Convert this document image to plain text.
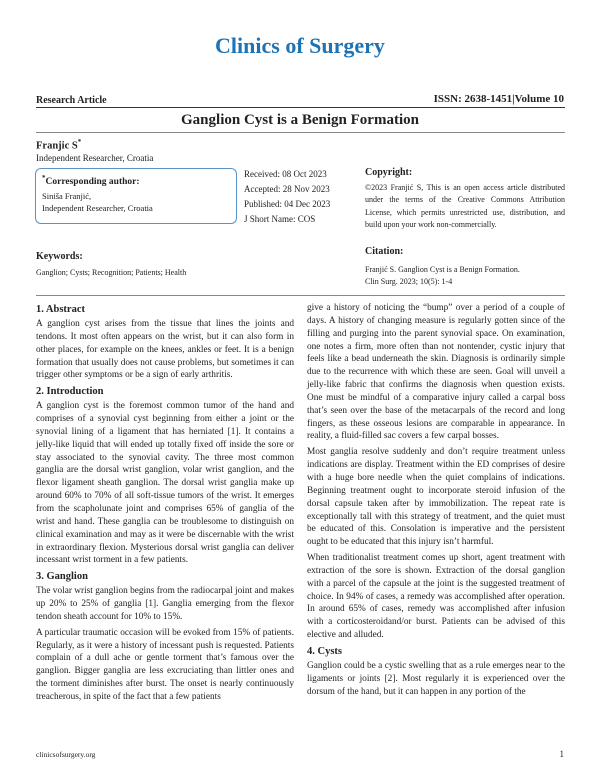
Clinics of Surgery
Research Article	ISSN: 2638-1451|Volume 10
Ganglion Cyst is a Benign Formation
Franjic S*
Independent Researcher, Croatia
*Corresponding author:
Siniša Franjić,
Independent Researcher, Croatia
Received: 08 Oct 2023
Accepted: 28 Nov 2023
Published: 04 Dec 2023
J Short Name: COS
Copyright:
©2023 Franjić S, This is an open access article distributed under the terms of the Creative Commons Attribution License, which permits unrestricted use, distribution, and build upon your work non-commercially.
Keywords:
Ganglion; Cysts; Recognition; Patients; Health
Citation:
Franjić S. Ganglion Cyst is a Benign Formation.
Clin Surg. 2023; 10(5): 1-4
1. Abstract

A ganglion cyst arises from the tissue that lines the joints and tendons. It most often appears on the wrist, but it can also form in other places, for example on the knees, ankles or feet. It is a benign formation that usually does not cause problems, but sometimes it can trigger other symptoms or be a sign of early arthritis.

2. Introduction

A ganglion cyst is the foremost common tumor of the hand and comprises of a synovial cyst beginning from either a joint or the synovial lining of a ligament that has herniated [1]. It contains a jelly-like liquid that will ended up totally fixed off inside the sore or stay associated to the synovial cavity. The three most common ganglia are the dorsal wrist ganglion, volar wrist ganglion, and the flexor ligament sheath ganglion. The dorsal wrist ganglia make up around 60% to 70% of all soft-tissue tumors of the wrist. It emerges from the scapholunate joint and comprises 65% of ganglia of the wrist and hand. These ganglia can be troublesome to distinguish on clinical examination and may as it were be discernable with the wrist in extraordinary flexion. Mysterious dorsal wrist ganglia can deliver incessant wrist torment in a few patients.

3. Ganglion

The volar wrist ganglion begins from the radiocarpal joint and makes up 20% to 25% of ganglia [1]. Ganglia emerging from the flexor tendon sheath account for 10% to 15%.

A particular traumatic occasion will be evoked from 15% of patients. Regularly, as it were a history of incessant push is requested. Patients complain of a dull ache or gentle torment that’s famous over the ganglion. Bigger ganglia are less excruciating than littler ones and the torment diminishes after burst. The onset is nearly continuously treacherous, in spite of the fact that a few patients

give a history of noticing the “bump” over a period of a couple of days. A history of changing measure is regularly gotten since of the filling and purging into the parent synovial space. On examination, one notes a firm, more often than not nontender, cystic injury that feels like a bead underneath the skin. Diagnosis is ordinarily simple due to the recurrence with which these are seen. Goal will unveil a jelly-like fabric that confirms the diagnosis when question exists. One must be mindful of a comparative injury called a carpal boss that’s seen over the base of the metacarpals of the record and long fingers, as these osseous lesions are comparable in appearance. In reality, a fluid-filled sac covers a few carpal bosses.

Most ganglia resolve suddenly and don’t require treatment unless indications are display. Treatment within the ED comprises of desire with a huge bore needle when the quiet complains of indications. Beginning treatment ought to incorporate steroid infusion of the dorsal capsule taken after by immobilization. The repeat rate is exceptionally tall with this strategy of treatment, and the quiet must be educated of this. Consolation is imperative and the persistent ought to be educated that this injury isn’t harmful.

When traditionalist treatment comes up short, agent treatment with extraction of the sore is shown. Extraction of the dorsal ganglion with a parcel of the capsule at the joint is the suggested treatment of choice. In 94% of cases, a remedy was accomplished after operation. In around 65% of cases, remedy was accomplished after infusion with a corticosteroidand/or burst. Patients can be advised of this elective and alluded.

4. Cysts

Ganglion could be a cystic swelling that as a rule emerges near to the ligaments or joints [2]. Most regularly it is experienced over the dorsum of the hand, but it can happen in any portion of the

clinicsofsurgery.org	1
